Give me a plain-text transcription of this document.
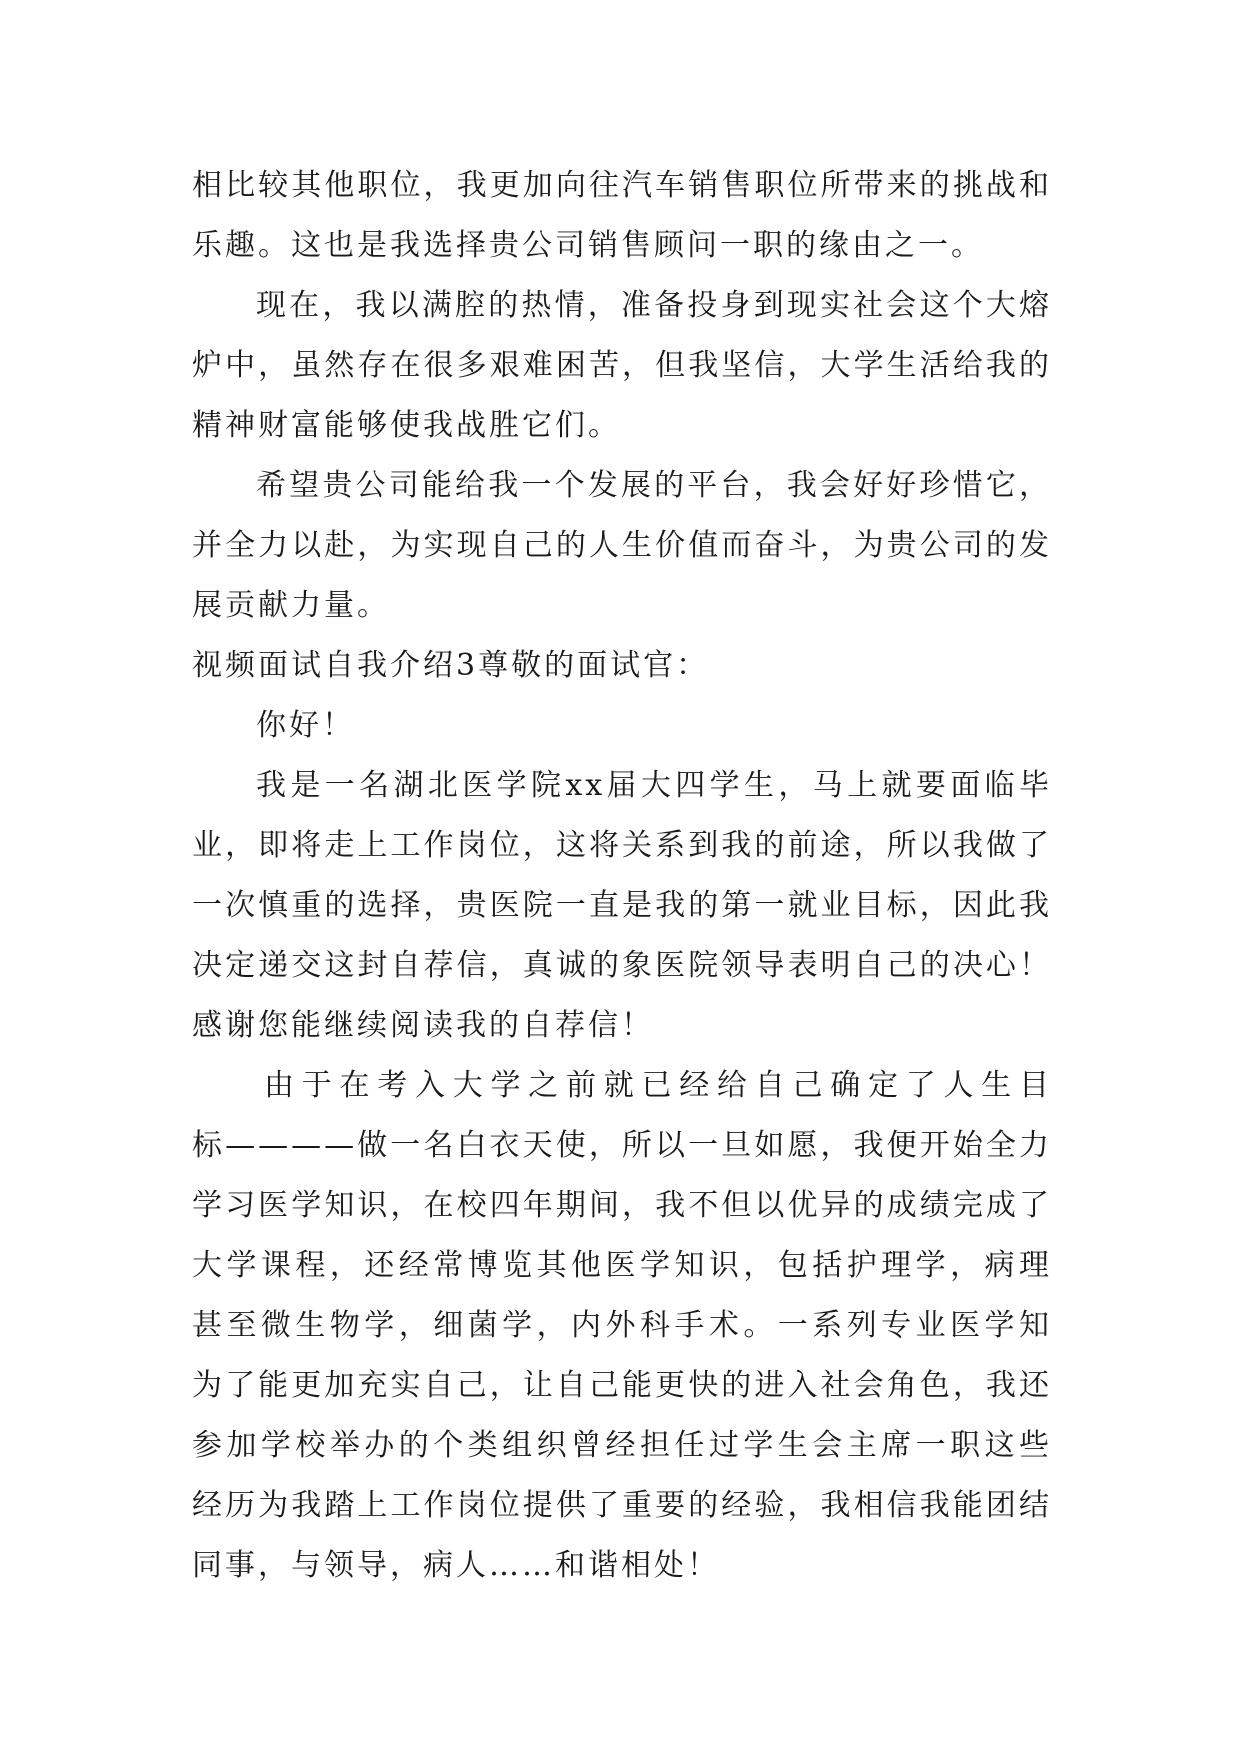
相比较其他职位，我更加向往汽车销售职位所带来的挑战和
乐趣。这也是我选择贵公司销售顾问一职的缘由之一。
现在，我以满腔的热情，准备投身到现实社会这个大熔
炉中，虽然存在很多艰难困苦，但我坚信，大学生活给我的
精神财富能够使我战胜它们。
希望贵公司能给我一个发展的平台，我会好好珍惜它，
并全力以赴，为实现自己的人生价值而奋斗，为贵公司的发
展贡献力量。
视频面试自我介绍3尊敬的面试官：
你好！
我是一名湖北医学院xx届大四学生，马上就要面临毕
业，即将走上工作岗位，这将关系到我的前途，所以我做了
一次慎重的选择，贵医院一直是我的第一就业目标，因此我
决定递交这封自荐信，真诚的象医院领导表明自己的决心！
感谢您能继续阅读我的自荐信！
由于在考入大学之前就已经给自己确定了人生目
标————做一名白衣天使，所以一旦如愿，我便开始全力
学习医学知识，在校四年期间，我不但以优异的成绩完成了
大学课程，还经常博览其他医学知识，包括护理学，病理
甚至微生物学，细菌学，内外科手术。一系列专业医学知
为了能更加充实自己，让自己能更快的进入社会角色，我还
参加学校举办的个类组织曾经担任过学生会主席一职这些
经历为我踏上工作岗位提供了重要的经验，我相信我能团结
同事，与领导，病人……和谐相处！
